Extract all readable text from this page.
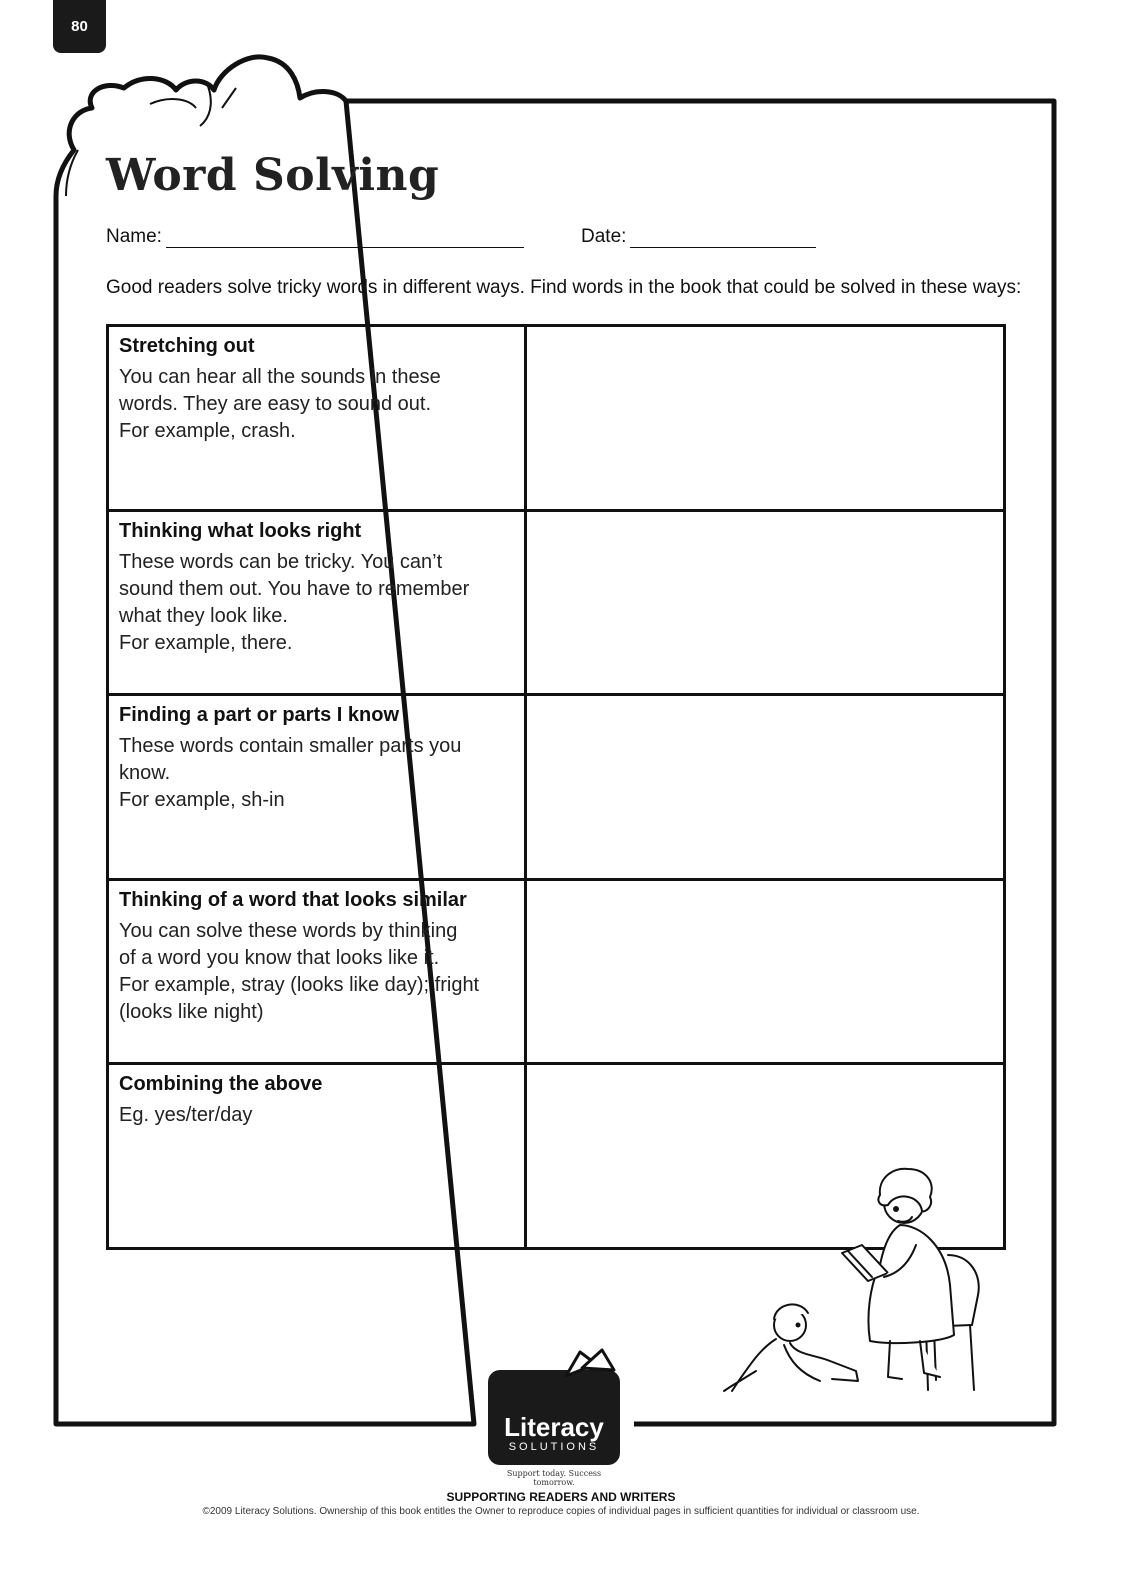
80
Word Solving
Name:	Date:
Good readers solve tricky words in different ways. Find words in the book that could be solved in these ways:
Stretching out
You can hear all the sounds in these
words. They are easy to sound out.
For example, crash.	

Thinking what looks right
These words can be tricky. You can’t
sound them out. You have to remember
what they look like.
For example, there.	

Finding a part or parts I know
These words contain smaller parts you
know.
For example, sh-in	

Thinking of a word that looks similar
You can solve these words by thinking
of a word you know that looks like it.
For example, stray (looks like day); fright
(looks like night)	

Combining the above
Eg. yes/ter/day	

Literacy
SOLUTIONS
Support today. Success tomorrow.
SUPPORTING READERS AND WRITERS
©2009 Literacy Solutions. Ownership of this book entitles the Owner to reproduce copies of individual pages in sufficient quantities for individual or classroom use.
